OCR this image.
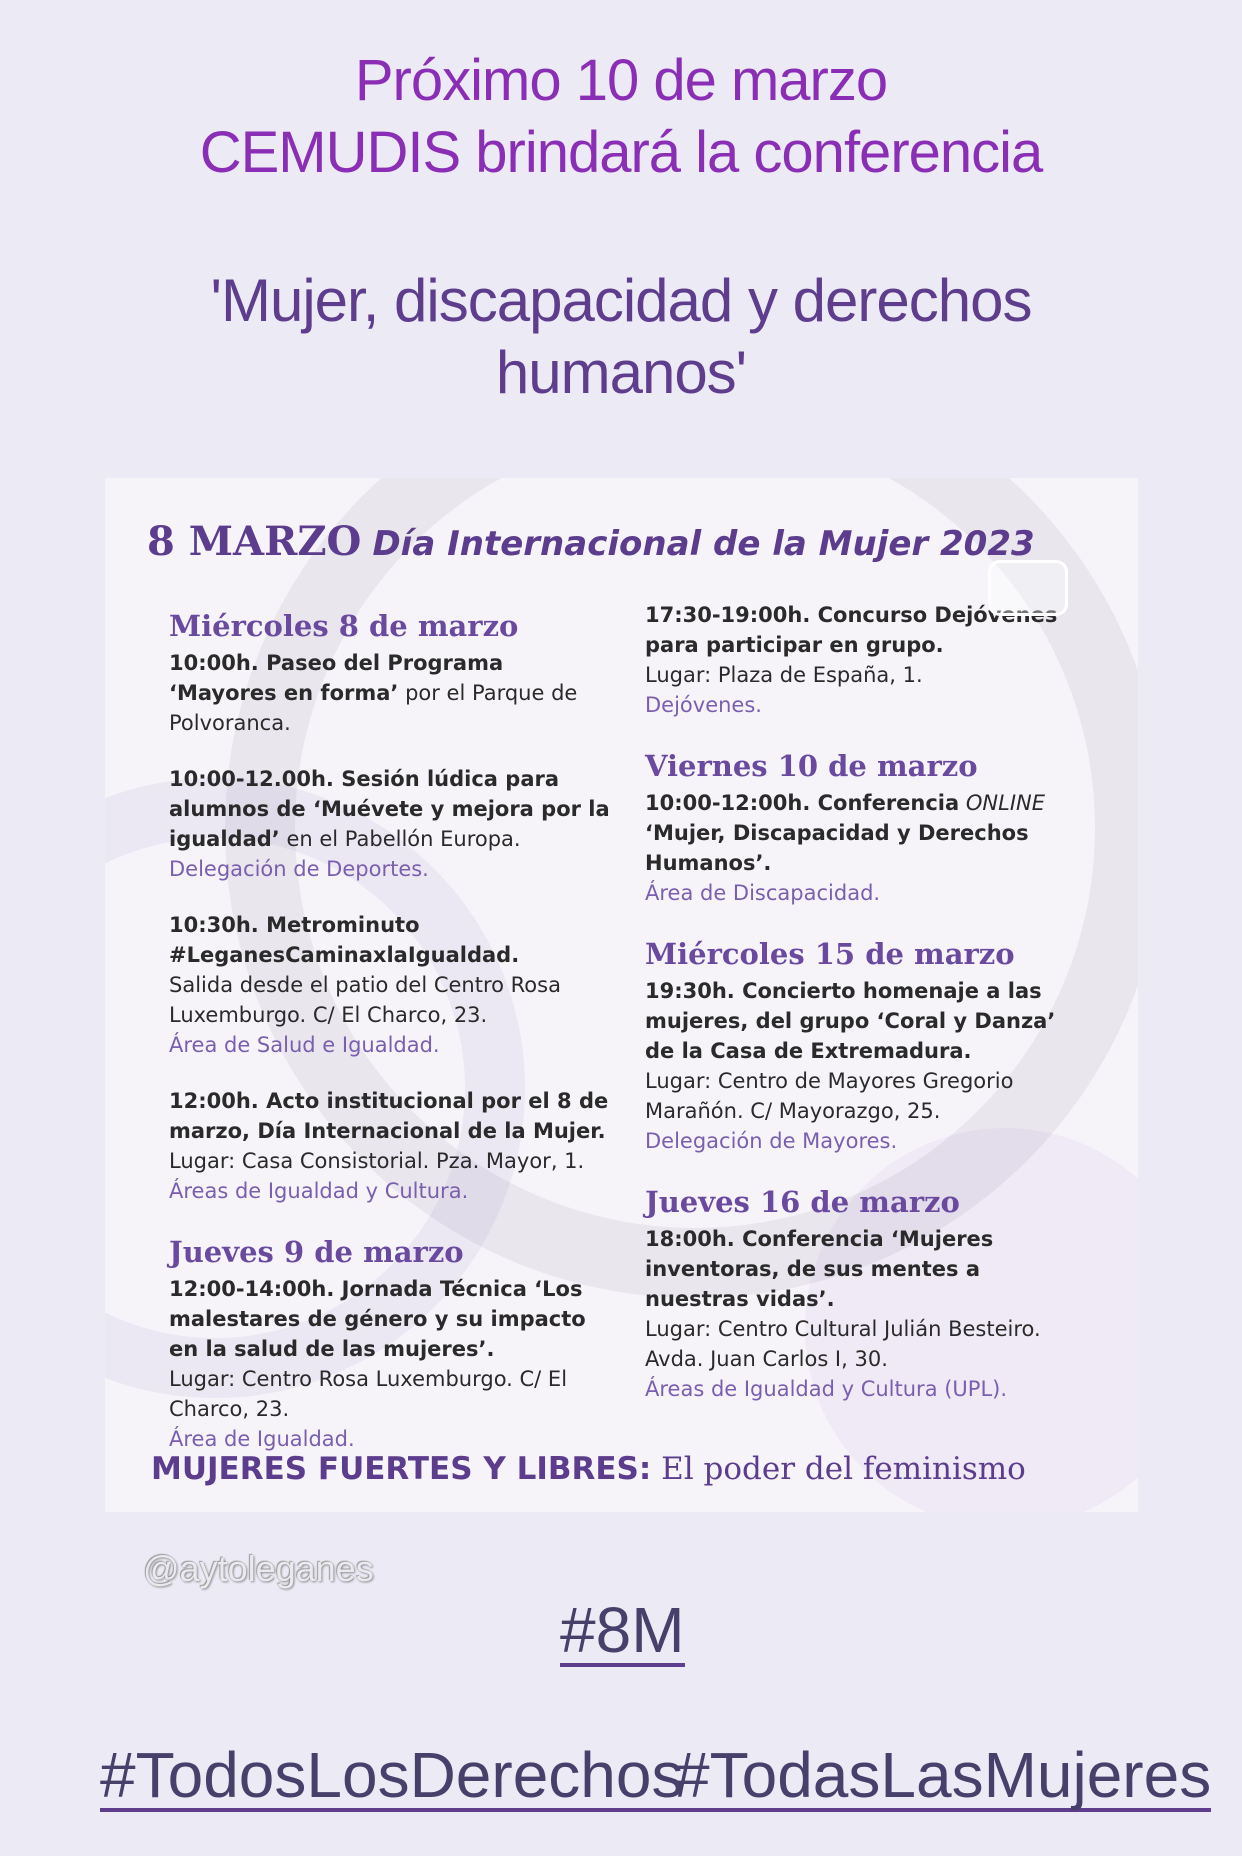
Próximo 10 de marzo
CEMUDIS brindará la conferencia
'Mujer, discapacidad y derechos
humanos'
8 MARZO Día Internacional de la Mujer 2023
Miércoles 8 de marzo
10:00h. Paseo del Programa ‘Mayores en forma’ por el Parque de Polvoranca.
10:00-12.00h. Sesión lúdica para alumnos de ‘Muévete y mejora por la igualdad’ en el Pabellón Europa.
Delegación de Deportes.
10:30h. Metrominuto #LeganesCaminaxlaIgualdad.
Salida desde el patio del Centro Rosa Luxemburgo. C/ El Charco, 23.
Área de Salud e Igualdad.
12:00h. Acto institucional por el 8 de marzo, Día Internacional de la Mujer.
Lugar: Casa Consistorial. Pza. Mayor, 1.
Áreas de Igualdad y Cultura.
Jueves 9 de marzo
12:00-14:00h. Jornada Técnica ‘Los malestares de género y su impacto en la salud de las mujeres’.
Lugar: Centro Rosa Luxemburgo. C/ El Charco, 23.
Área de Igualdad.
17:30-19:00h. Concurso Dejóvenes para participar en grupo.
Lugar: Plaza de España, 1.
Dejóvenes.
Viernes 10 de marzo
10:00-12:00h. Conferencia ONLINE
‘Mujer, Discapacidad y Derechos Humanos’.
Área de Discapacidad.
Miércoles 15 de marzo
19:30h. Concierto homenaje a las mujeres, del grupo ‘Coral y Danza’ de la Casa de Extremadura.
Lugar: Centro de Mayores Gregorio Marañón. C/ Mayorazgo, 25.
Delegación de Mayores.
Jueves 16 de marzo
18:00h. Conferencia ‘Mujeres inventoras, de sus mentes a nuestras vidas’.
Lugar: Centro Cultural Julián Besteiro. Avda. Juan Carlos I, 30.
Áreas de Igualdad y Cultura (UPL).
MUJERES FUERTES Y LIBRES: El poder del feminismo
@aytoleganes
#8M
#TodosLosDerechos
#TodasLasMujeres
